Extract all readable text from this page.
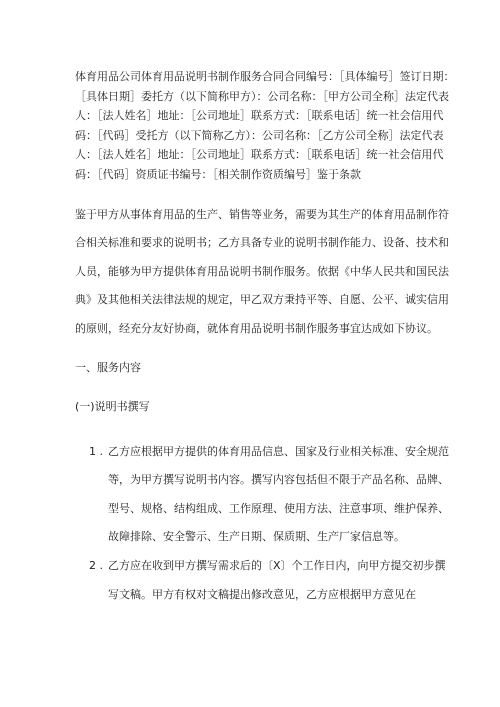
体育用品公司体育用品说明书制作服务合同合同编号：［具体编号］签订日期：［具体日期］委托方（以下简称甲方）：公司名称：［甲方公司全称］法定代表人：［法人姓名］地址：［公司地址］联系方式：［联系电话］统一社会信用代码：［代码］受托方（以下简称乙方）：公司名称：［乙方公司全称］法定代表人：［法人姓名］地址：［公司地址］联系方式：［联系电话］统一社会信用代码：［代码］资质证书编号：［相关制作资质编号］鉴于条款
鉴于甲方从事体育用品的生产、销售等业务，需要为其生产的体育用品制作符合相关标准和要求的说明书；乙方具备专业的说明书制作能力、设备、技术和人员，能够为甲方提供体育用品说明书制作服务。依据《中华人民共和国民法典》及其他相关法律法规的规定，甲乙双方秉持平等、自愿、公平、诚实信用的原则，经充分友好协商，就体育用品说明书制作服务事宜达成如下协议。
一、服务内容
(一)说明书撰写
1 . 乙方应根据甲方提供的体育用品信息、国家及行业相关标准、安全规范等，为甲方撰写说明书内容。撰写内容包括但不限于产品名称、品牌、型号、规格、结构组成、工作原理、使用方法、注意事项、维护保养、故障排除、安全警示、生产日期、保质期、生产厂家信息等。
2 . 乙方应在收到甲方撰写需求后的〔X〕个工作日内，向甲方提交初步撰写文稿。甲方有权对文稿提出修改意见，乙方应根据甲方意见在
